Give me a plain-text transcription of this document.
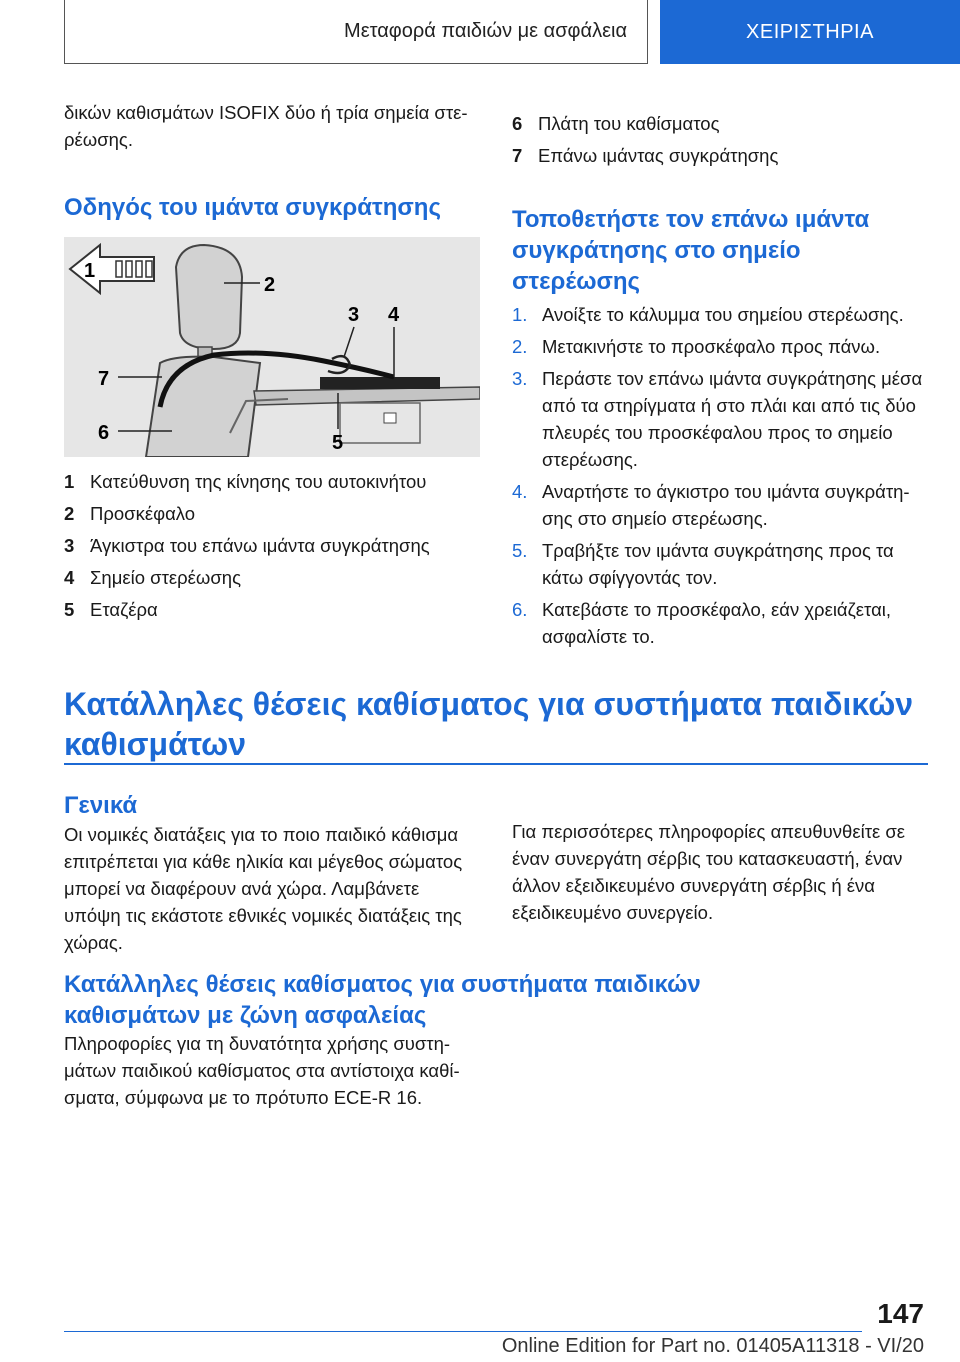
Μεταφορά παιδιών με ασφάλεια	ΧΕΙΡΙΣΤΗΡΙΑ

δικών καθισμάτων ISOFIX δύο ή τρία σημεία στε-

ρέωσης.

Οδηγός του ιμάντα συγκράτησης
1
2
3 4
5
6
7
1 Κατεύθυνση της κίνησης του αυτοκινήτου
2 Προσκέφαλο
3 Άγκιστρα του επάνω ιμάντα συγκράτησης
4 Σημείο στερέωσης
5 Εταζέρα
6 Πλάτη του καθίσματος
7 Επάνω ιμάντας συγκράτησης
Τοποθετήστε τον επάνω ιμάντα συγκράτησης στο σημείο στερέωσης
1. Ανοίξτε το κάλυμμα του σημείου στερέωσης.
2. Μετακινήστε το προσκέφαλο προς πάνω.
3. Περάστε τον επάνω ιμάντα συγκράτησης μέσα από τα στηρίγματα ή στο πλάι και από τις δύο πλευρές του προσκέφαλου προς το σημείο στερέωσης.
4. Αναρτήστε το άγκιστρο του ιμάντα συγκράτη-σης στο σημείο στερέωσης.
5. Τραβήξτε τον ιμάντα συγκράτησης προς τα κάτω σφίγγοντάς τον.
6. Κατεβάστε το προσκέφαλο, εάν χρειάζεται, ασφαλίστε το.
Κατάλληλες θέσεις καθίσματος για συστήματα παιδικών καθισμάτων
Γενικά

Οι νομικές διατάξεις για το ποιο παιδικό κάθισμα επιτρέπεται για κάθε ηλικία και μέγεθος σώματος μπορεί να διαφέρουν ανά χώρα. Λαμβάνετε υπόψη τις εκάστοτε εθνικές νομικές διατάξεις της χώρας.

Για περισσότερες πληροφορίες απευθυνθείτε σε έναν συνεργάτη σέρβις του κατασκευαστή, έναν άλλον εξειδικευμένο συνεργάτη σέρβις ή ένα εξειδικευμένο συνεργείο.

Κατάλληλες θέσεις καθίσματος για συστήματα παιδικών καθισμάτων με ζώνη ασφαλείας

Πληροφορίες για τη δυνατότητα χρήσης συστη-μάτων παιδικού καθίσματος στα αντίστοιχα καθί-σματα, σύμφωνα με το πρότυπο ECE-R 16.

147
Online Edition for Part no. 01405A11318 - VI/20
